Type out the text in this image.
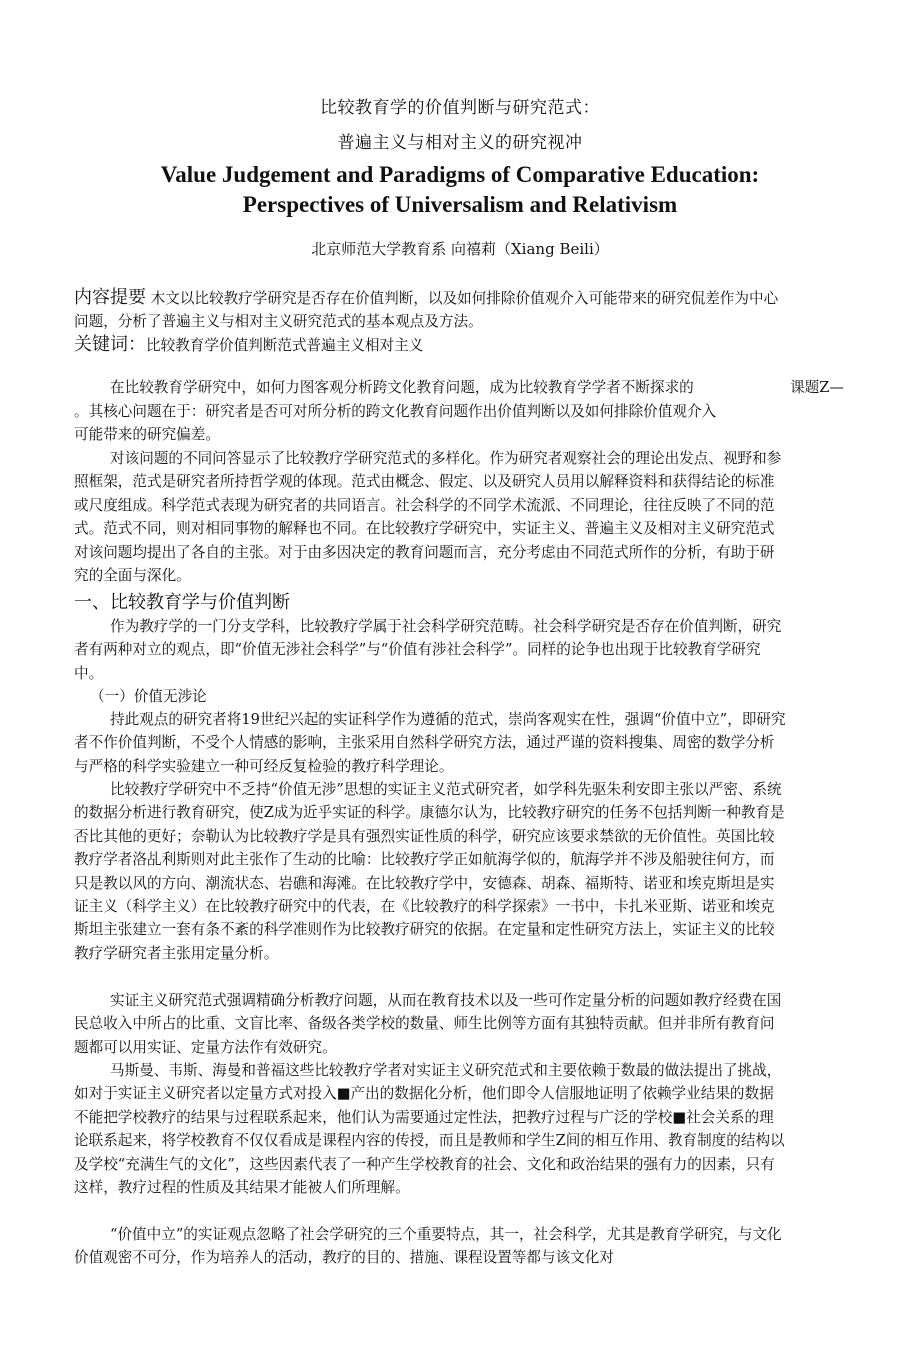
比较教育学的价值判断与研究范式：
普遍主义与相对主义的研究视冲
Value Judgement and Paradigms of Comparative Education:
Perspectives of Universalism and Relativism
北京师范大学教育系 向禧莉（Xiang Beili）
内容提要 木文以比较教疗学研究是否存在价值判断，以及如何排除价值观介入可能带来的研究侃差作为中心问题，分析了普遍主义与相对主义研究范式的基本观点及方法。
关键词：比较教育学价值判断范式普遍主义相对主义
在比较教育学研究中，如何力图客观分析跨文化教育问题，成为比较教育学学者不断探求的	课题Z—
。其核心问题在于：研究者是否可对所分析的跨文化教育问题作出价值判断以及如何排除价值观介入可能带来的研究偏差。
对该问题的不同问答显示了比较教疗学研究范式的多样化。作为研究者观察社会的理论出发点、视野和参照框架，范式是研究者所持哲学观的体现。范式由概念、假定、以及研究人员用以解释资料和获得结论的标准或尺度组成。科学范式表现为研究者的共同语言。社会科学的不同学术流派、不同理论，往往反映了不同的范式。范式不同，则对相同事物的解释也不同。在比较教疗学研究中，实证主义、普遍主义及相对主义研究范式对该问题均提出了各自的主张。对于由多因决定的教育问题而言，充分考虑由不同范式所作的分析，有助于研究的全面与深化。
一、比较教育学与价值判断
作为教疗学的一门分支学科，比较教疗学属于社会科学研究范畴。社会科学研究是否存在价值判断，研究者有两种对立的观点，即“价值无涉社会科学”与“价值有涉社会科学”。同样的论争也出现于比较教育学研究中。
（一）价值无涉论
持此观点的研究者将19世纪兴起的实证科学作为遵循的范式，崇尚客观实在性，强调“价值中立”，即研究者不作价值判断，不受个人情感的影响，主张采用自然科学研究方法，通过严谨的资料搜集、周密的数学分析与严格的科学实验建立一种可经反复检验的教疗科学理论。
比较教疗学研究中不乏持“价值无涉”思想的实证主义范式研究者，如学科先驱朱利安即主张以严密、系统的数据分析进行教育研究，使Z成为近乎实证的科学。康德尔认为，比较教疗研究的任务不包括判断一种教育是否比其他的更好；奈勒认为比较教疗学是具有强烈实证性质的科学，研究应该要求禁欲的无价值性。英国比较教疗学者洛乩利斯则对此主张作了生动的比喻：比较教疗学正如航海学似的，航海学并不涉及船驶往何方，而只是教以风的方向、潮流状态、岩礁和海滩。在比较教疗学中，安德森、胡森、福斯特、诺亚和埃克斯坦是实证主义（科学主义）在比较教疗研究中的代表，在《比较教疗的科学探索》一书中，卡扎米亚斯、诺亚和埃克斯坦主张建立一套有条不紊的科学准则作为比较教疗研究的依据。在定量和定性研究方法上，实证主义的比较教疗学研究者主张用定量分析。
实证主义研究范式强调精确分析教疗问题，从而在教育技术以及一些可作定量分析的问题如教疗经费在国民总收入中所占的比重、文盲比率、备级各类学校的数量、师生比例等方面有其独特贡献。但并非所有教育问题都可以用实证、定量方法作有效研究。
马斯曼、韦斯、海曼和普福这些比较教疗学者对实证主义研究范式和主要依赖于数最的做法提出了挑战，如对于实证主义研究者以定量方式对投入■产出的数据化分析，他们即令人信服地证明了依赖学业结果的数据不能把学校教疗的结果与过程联系起来，他们认为需要通过定性法，把教疗过程与广泛的学校■社会关系的理论联系起来，将学校教育不仅仅看成是课程内容的传授，而且是教师和学生Z间的相互作用、教育制度的结构以及学校“充满生气的文化”，这些因素代表了一种产生学校教育的社会、文化和政治结果的强有力的因素，只有这样，教疗过程的性质及其结果才能被人们所理解。
“价值中立”的实证观点忽略了社会学研究的三个重要特点，其一，社会科学，尤其是教育学研究，与文化价值观密不可分，作为培养人的活动，教疗的目的、措施、课程设置等都与该文化对
